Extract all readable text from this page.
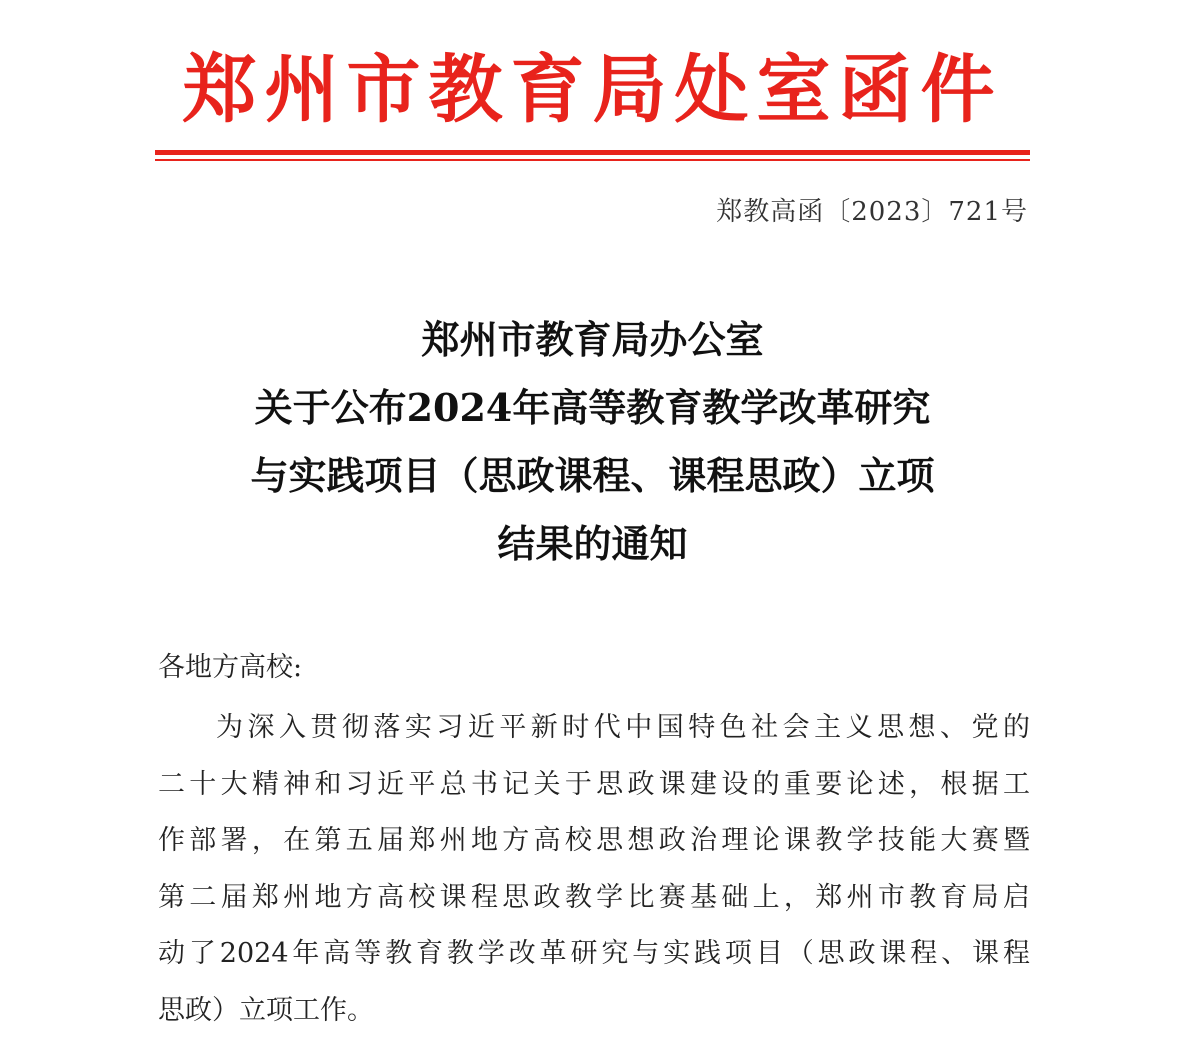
郑州市教育局处室函件
郑教高函〔2023〕721号
郑州市教育局办公室
关于公布2024年高等教育教学改革研究
与实践项目（思政课程、课程思政）立项
结果的通知
各地方高校:
为深入贯彻落实习近平新时代中国特色社会主义思想、党的
二十大精神和习近平总书记关于思政课建设的重要论述，根据工
作部署，在第五届郑州地方高校思想政治理论课教学技能大赛暨
第二届郑州地方高校课程思政教学比赛基础上，郑州市教育局启
动了2024年高等教育教学改革研究与实践项目（思政课程、课程
思政）立项工作。
